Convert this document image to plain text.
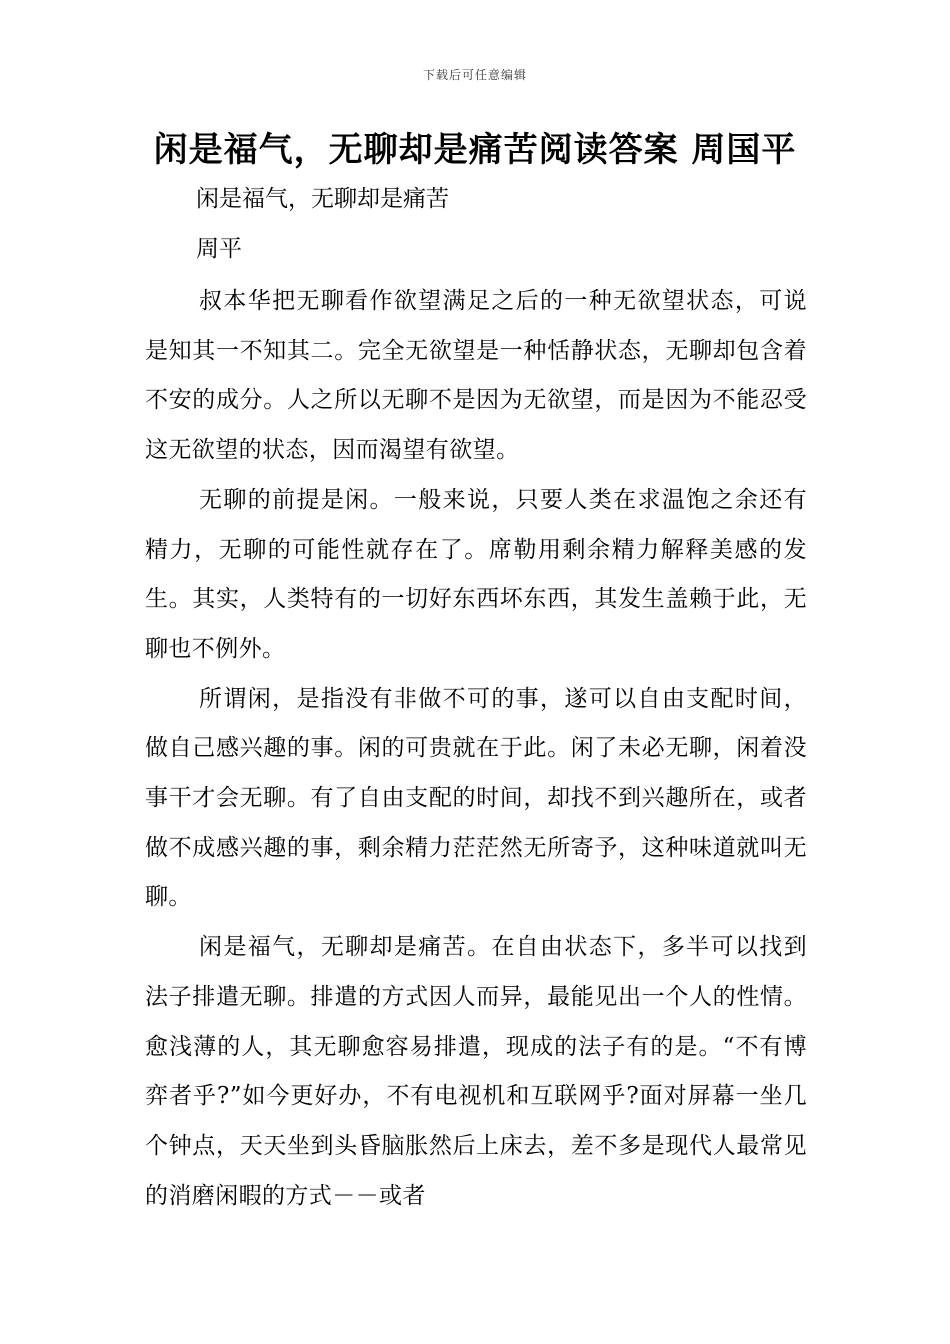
下载后可任意编辑
闲是福气，无聊却是痛苦阅读答案 周国平
闲是福气，无聊却是痛苦
周平

叔本华把无聊看作欲望满足之后的一种无欲望状态，可说是知其一不知其二。完全无欲望是一种恬静状态，无聊却包含着不安的成分。人之所以无聊不是因为无欲望，而是因为不能忍受这无欲望的状态，因而渴望有欲望。

无聊的前提是闲。一般来说，只要人类在求温饱之余还有精力，无聊的可能性就存在了。席勒用剩余精力解释美感的发生。其实，人类特有的一切好东西坏东西，其发生盖赖于此，无聊也不例外。

所谓闲，是指没有非做不可的事，遂可以自由支配时间，做自己感兴趣的事。闲的可贵就在于此。闲了未必无聊，闲着没事干才会无聊。有了自由支配的时间，却找不到兴趣所在，或者做不成感兴趣的事，剩余精力茫茫然无所寄予，这种味道就叫无聊。

闲是福气，无聊却是痛苦。在自由状态下，多半可以找到法子排遣无聊。排遣的方式因人而异，最能见出一个人的性情。愈浅薄的人，其无聊愈容易排遣，现成的法子有的是。“不有博弈者乎?”如今更好办，不有电视机和互联网乎?面对屏幕一坐几个钟点，天天坐到头昏脑胀然后上床去，差不多是现代人最常见的消磨闲暇的方式－－或者
